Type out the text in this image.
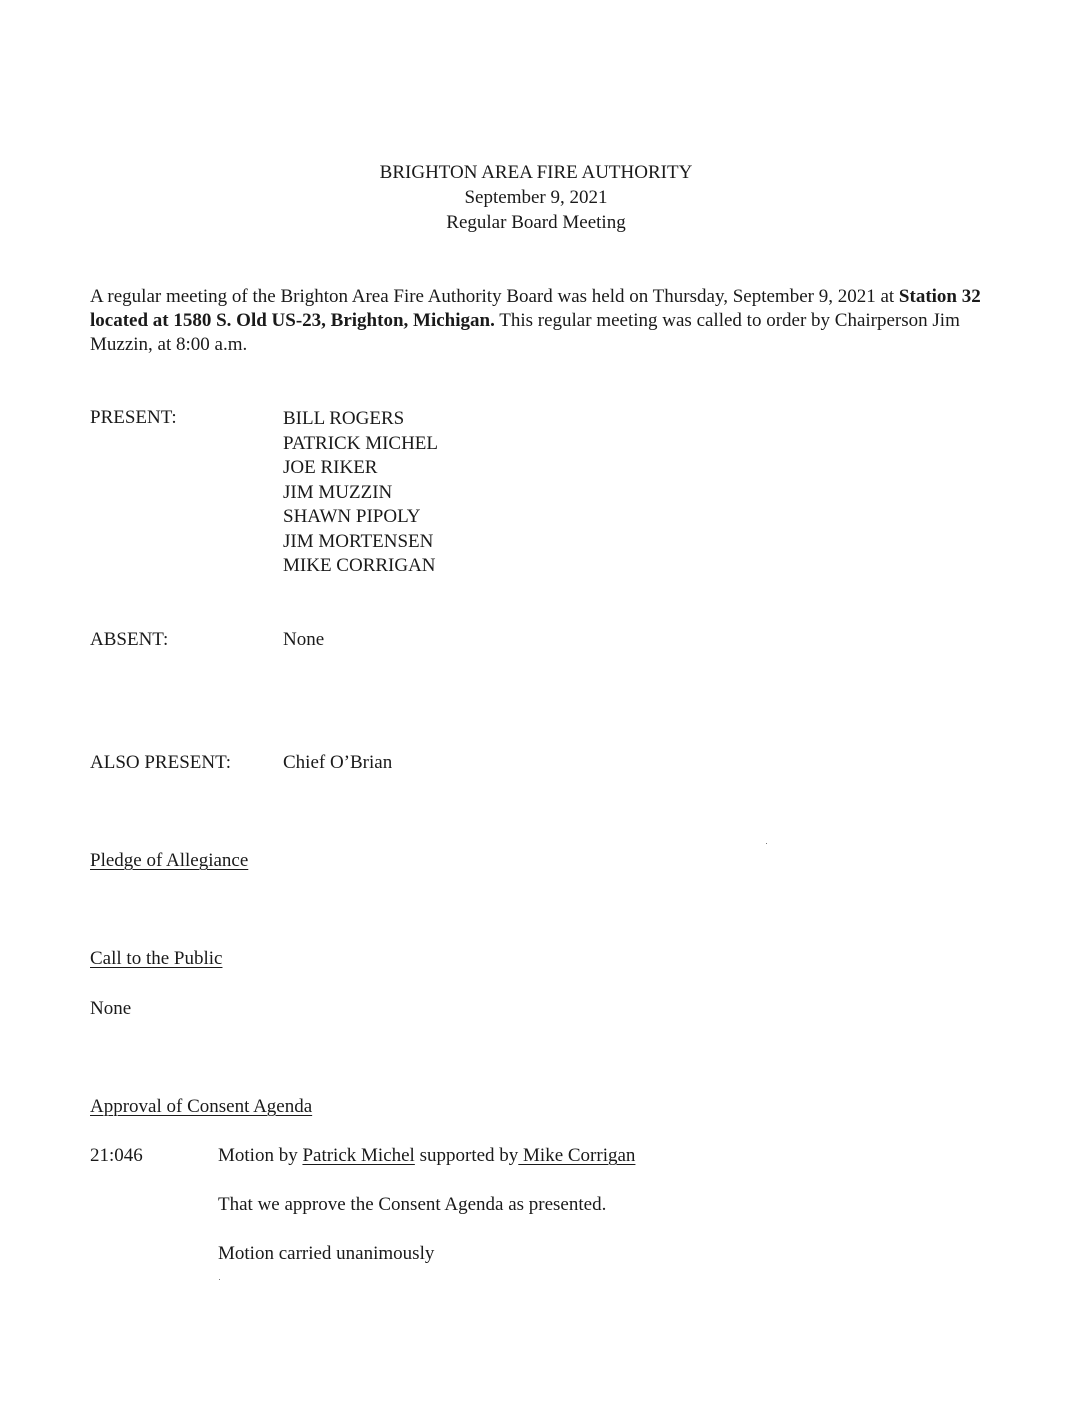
BRIGHTON AREA FIRE AUTHORITY
September 9, 2021
Regular Board Meeting
A regular meeting of the Brighton Area Fire Authority Board was held on Thursday, September 9, 2021 at Station 32 located at 1580 S. Old US-23, Brighton, Michigan. This regular meeting was called to order by Chairperson Jim Muzzin, at 8:00 a.m.
PRESENT:	BILL ROGERS
PATRICK MICHEL
JOE RIKER
JIM MUZZIN
SHAWN PIPOLY
JIM MORTENSEN
MIKE CORRIGAN
ABSENT:	None
ALSO PRESENT:	Chief O’Brian
Pledge of Allegiance
Call to the Public
None
Approval of Consent Agenda
21:046	Motion by Patrick Michel supported by Mike Corrigan
That we approve the Consent Agenda as presented.
Motion carried unanimously
